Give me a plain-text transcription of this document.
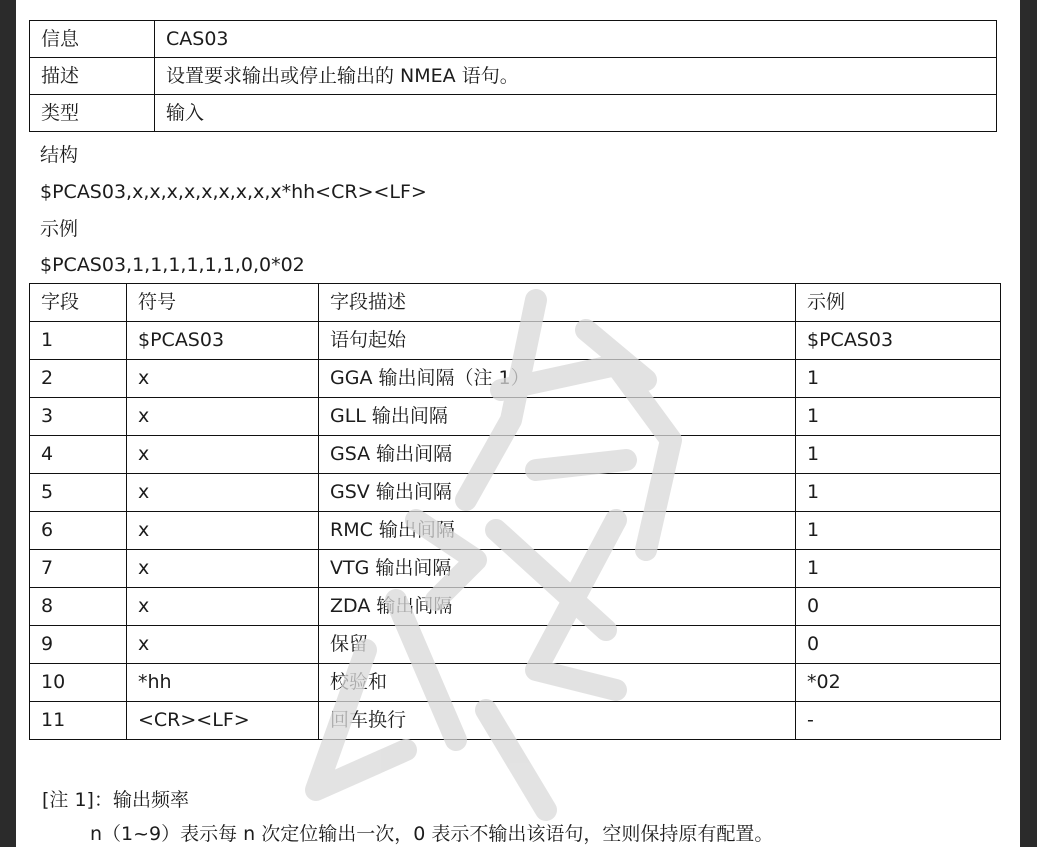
信息	CAS03
描述	设置要求输出或停止输出的 NMEA 语句。
类型	输入
结构
$PCAS03,x,x,x,x,x,x,x,x,x*hh<CR><LF>
示例
$PCAS03,1,1,1,1,1,1,0,0*02
字段	符号	字段描述	示例
1	$PCAS03	语句起始	$PCAS03
2	x	GGA 输出间隔（注 1）	1
3	x	GLL 输出间隔	1
4	x	GSA 输出间隔	1
5	x	GSV 输出间隔	1
6	x	RMC 输出间隔	1
7	x	VTG 输出间隔	1
8	x	ZDA 输出间隔	0
9	x	保留	0
10	*hh	校验和	*02
11	<CR><LF>	回车换行	-
[注 1]：输出频率
n（1~9）表示每 n 次定位输出一次，0 表示不输出该语句，空则保持原有配置。
